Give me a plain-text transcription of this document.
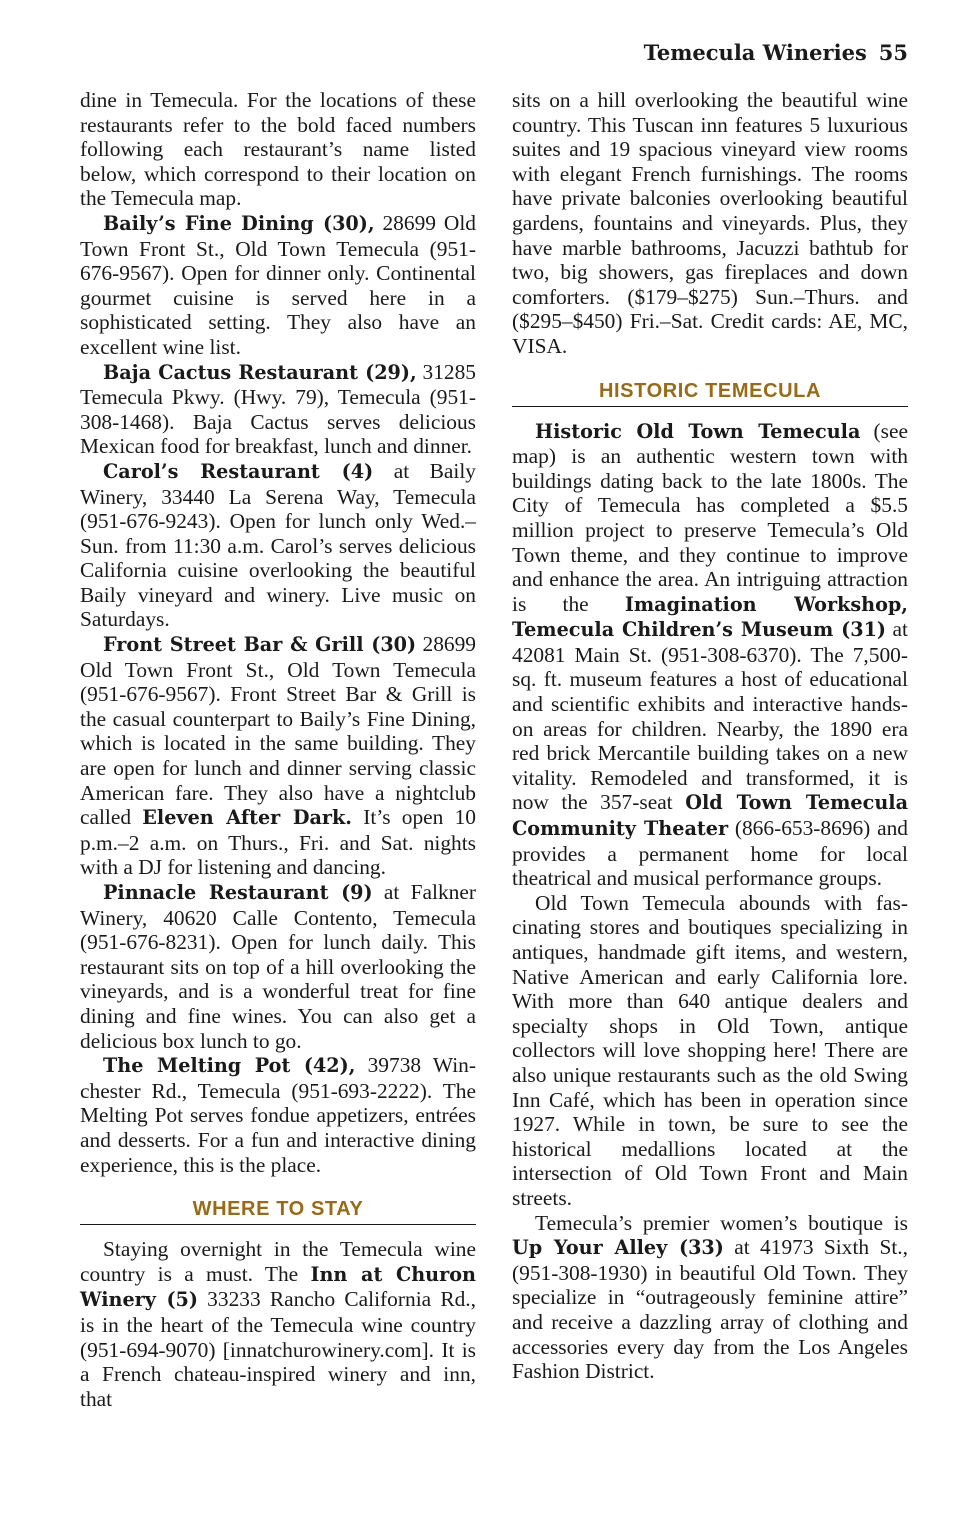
Temecula Wineries 55

dine in Temecula. For the locations of these restaurants refer to the bold faced numbers following each restaurant’s name listed below, which correspond to their location on the Temecula map.

Baily’s Fine Dining (30), 28699 Old Town Front St., Old Town Temecula (951-676-9567). Open for dinner only. Continental gourmet cuisine is served here in a sophisticated setting. They also have an excellent wine list.

Baja Cactus Restaurant (29), 31285 Temecula Pkwy. (Hwy. 79), Temecula (951-308-1468). Baja Cactus serves delicious Mexican food for breakfast, lunch and dinner.

Carol’s Restaurant (4) at Baily Winery, 33440 La Serena Way, Temecula (951-676-9243). Open for lunch only Wed.–Sun. from 11:30 a.m. Carol’s serves delicious California cuisine overlooking the beautiful Baily vineyard and winery. Live music on Saturdays.

Front Street Bar & Grill (30) 28699 Old Town Front St., Old Town Temecula (951-676-9567). Front Street Bar & Grill is the casual counterpart to Baily’s Fine Dining, which is located in the same building. They are open for lunch and dinner serving classic American fare. They also have a nightclub called Eleven After Dark. It’s open 10 p.m.–2 a.m. on Thurs., Fri. and Sat. nights with a DJ for listening and dancing.

Pinnacle Restaurant (9) at Falkner Winery, 40620 Calle Contento, Temecula (951-676-8231). Open for lunch daily. This restaurant sits on top of a hill overlooking the vineyards, and is a wonderful treat for fine dining and fine wines. You can also get a delicious box lunch to go.

The Melting Pot (42), 39738 Winchester Rd., Temecula (951-693-2222). The Melting Pot serves fondue appetizers, entrées and desserts. For a fun and interactive dining experience, this is the place.

WHERE TO STAY

Staying overnight in the Temecula wine country is a must. The Inn at Churon Winery (5) 33233 Rancho California Rd., is in the heart of the Temecula wine country (951-694-9070) [innatchurowinery.com]. It is a French chateau-inspired winery and inn, that

sits on a hill overlooking the beautiful wine country. This Tuscan inn features 5 luxurious suites and 19 spacious vineyard view rooms with elegant French furnishings. The rooms have private balconies overlooking beautiful gardens, fountains and vineyards. Plus, they have marble bathrooms, Jacuzzi bathtub for two, big showers, gas fireplaces and down comforters. ($179–$275) Sun.–Thurs. and ($295–$450) Fri.–Sat. Credit cards: AE, MC, VISA.

HISTORIC TEMECULA

Historic Old Town Temecula (see map) is an authentic western town with buildings dating back to the late 1800s. The City of Temecula has completed a $5.5 million project to preserve Temecula’s Old Town theme, and they continue to improve and enhance the area. An intriguing attraction is the Imagination Workshop, Temecula Children’s Museum (31) at 42081 Main St. (951-308-6370). The 7,500-sq. ft. museum features a host of educational and scientific exhibits and interactive hands-on areas for children. Nearby, the 1890 era red brick Mercantile building takes on a new vitality. Remodeled and transformed, it is now the 357-seat Old Town Temecula Community Theater (866-653-8696) and provides a permanent home for local theatrical and musical performance groups.

Old Town Temecula abounds with fascinating stores and boutiques specializing in antiques, handmade gift items, and western, Native American and early California lore. With more than 640 antique dealers and specialty shops in Old Town, antique collectors will love shopping here! There are also unique restaurants such as the old Swing Inn Café, which has been in operation since 1927. While in town, be sure to see the historical medallions located at the intersection of Old Town Front and Main streets.

Temecula’s premier women’s boutique is Up Your Alley (33) at 41973 Sixth St., (951-308-1930) in beautiful Old Town. They specialize in “outrageously feminine attire” and receive a dazzling array of clothing and accessories every day from the Los Angeles Fashion District.
